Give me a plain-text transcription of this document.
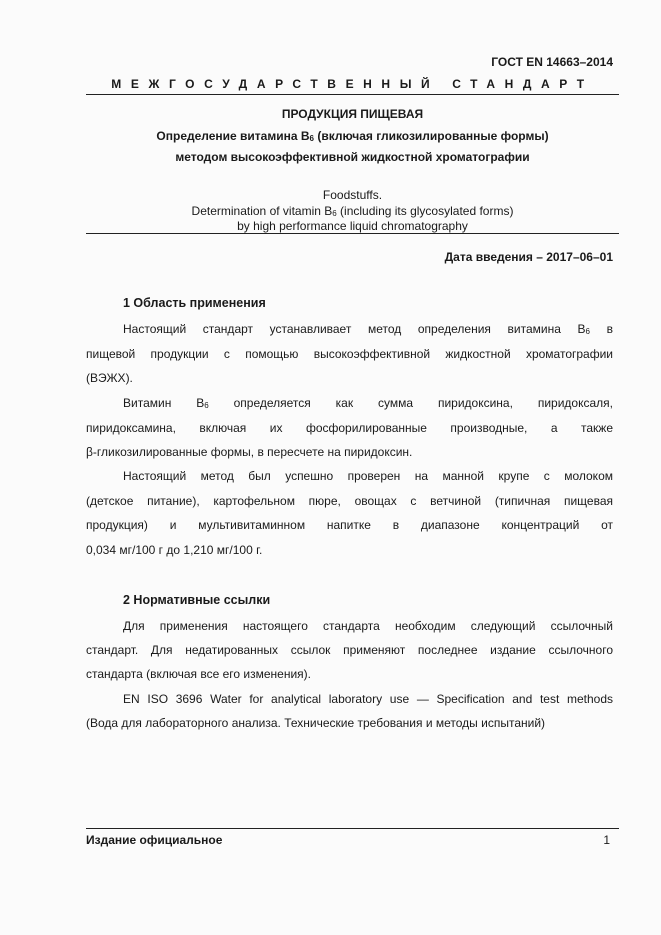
ГОСТ EN 14663–2014
МЕЖГОСУДАРСТВЕННЫЙ СТАНДАРТ
ПРОДУКЦИЯ ПИЩЕВАЯ
Определение витамина $B_6$ (включая гликозилированные формы)
методом высокоэффективной жидкостной хроматографии
Foodstuffs.
Determination of vitamin $B_6$ (including its glycosylated forms)
by high performance liquid chromatography
Дата введения – 2017–06–01
1 Область применения
Настоящий стандарт устанавливает метод определения витамина $B_6$ в
пищевой продукции с помощью высокоэффективной жидкостной хроматографии
(ВЭЖХ).
Витамин $B_6$ определяется как сумма пиридоксина, пиридоксаля,
пиридоксамина, включая их фосфорилированные производные, а также
β-гликозилированные формы, в пересчете на пиридоксин.
Настоящий метод был успешно проверен на манной крупе с молоком
(детское питание), картофельном пюре, овощах с ветчиной (типичная пищевая
продукция) и мультивитаминном напитке в диапазоне концентраций от
0,034 мг/100 г до 1,210 мг/100 г.
2 Нормативные ссылки
Для применения настоящего стандарта необходим следующий ссылочный
стандарт. Для недатированных ссылок применяют последнее издание ссылочного
стандарта (включая все его изменения).
EN ISO 3696 Water for analytical laboratory use — Specification and test methods
(Вода для лабораторного анализа. Технические требования и методы испытаний)
Издание официальное	1
